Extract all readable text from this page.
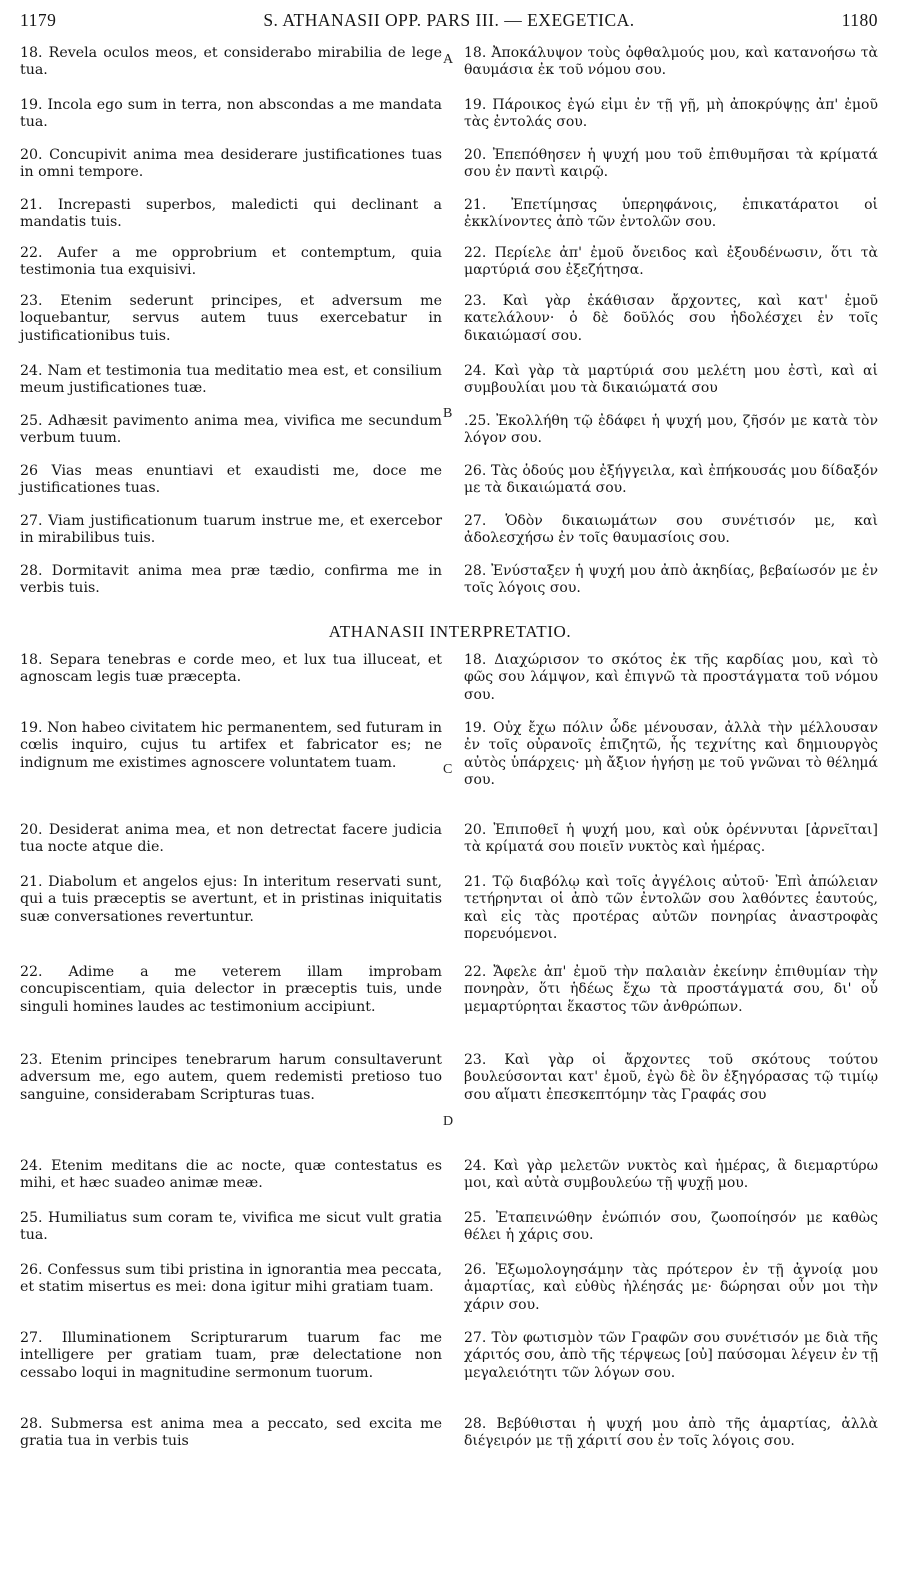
1179	S. ATHANASII OPP. PARS III. — EXEGETICA.	1180

18. Revela oculos meos, et considerabo mirabilia de lege tua.

19. Incola ego sum in terra, non abscondas a me mandata tua.

20. Concupivit anima mea desiderare justificationes tuas in omni tempore.

21. Increpasti superbos, maledicti qui declinant a mandatis tuis.

22. Aufer a me opprobrium et contemptum, quia testimonia tua exquisivi.

23. Etenim sederunt principes, et adversum me loquebantur, servus autem tuus exercebatur in justificationibus tuis.

24. Nam et testimonia tua meditatio mea est, et consilium meum justificationes tuæ.

25. Adhæsit pavimento anima mea, vivifica me secundum verbum tuum.

26 Vias meas enuntiavi et exaudisti me, doce me justificationes tuas.

27. Viam justificationum tuarum instrue me, et exercebor in mirabilibus tuis.

28. Dormitavit anima mea præ tædio, confirma me in verbis tuis.

18. Ἀποκάλυψον τοὺς ὀφθαλμούς μου, καὶ κατανοήσω τὰ θαυμάσια ἐκ τοῦ νόμου σου.

19. Πάροικος ἐγώ εἰμι ἐν τῇ γῇ, μὴ ἀποκρύψῃς ἀπ' ἐμοῦ τὰς ἐντολάς σου.

20. Ἐπεπόθησεν ἡ ψυχή μου τοῦ ἐπιθυμῆσαι τὰ κρίματά σου ἐν παντὶ καιρῷ.

21. Ἐπετίμησας ὑπερηφάνοις, ἐπικατάρατοι οἱ ἐκκλίνοντες ἀπὸ τῶν ἐντολῶν σου.

22. Περίελε ἀπ' ἐμοῦ ὄνειδος καὶ ἐξουδένωσιν, ὅτι τὰ μαρτύριά σου ἐξεζήτησα.

23. Καὶ γὰρ ἐκάθισαν ἄρχοντες, καὶ κατ' ἐμοῦ κατελάλουν· ὁ δὲ δοῦλός σου ἠδολέσχει ἐν τοῖς δικαιώμασί σου.

24. Καὶ γὰρ τὰ μαρτύριά σου μελέτη μου ἐστὶ, καὶ αἱ συμβουλίαι μου τὰ δικαιώματά σου

.25. Ἐκολλήθη τῷ ἐδάφει ἡ ψυχή μου, ζῆσόν με κατὰ τὸν λόγον σου.

26. Τὰς ὁδούς μου ἐξήγγειλα, καὶ ἐπήκουσάς μου δίδαξόν με τὰ δικαιώματά σου.

27. Ὁδὸν δικαιωμάτων σου συνέτισόν με, καὶ ἀδολεσχήσω ἐν τοῖς θαυμασίοις σου.

28. Ἐνύσταξεν ἡ ψυχή μου ἀπὸ ἀκηδίας, βεβαίωσόν με ἐν τοῖς λόγοις σου.

A
B
ATHANASII INTERPRETATIO.

18. Separa tenebras e corde meo, et lux tua illuceat, et agnoscam legis tuæ præcepta.

19. Non habeo civitatem hic permanentem, sed futuram in cœlis inquiro, cujus tu artifex et fabricator es; ne indignum me existimes agnoscere voluntatem tuam.

20. Desiderat anima mea, et non detrectat facere judicia tua nocte atque die.

21. Diabolum et angelos ejus: In interitum reservati sunt, qui a tuis præceptis se avertunt, et in pristinas iniquitatis suæ conversationes revertuntur.

22. Adime a me veterem illam improbam concupiscentiam, quia delector in præceptis tuis, unde singuli homines laudes ac testimonium accipiunt.

23. Etenim principes tenebrarum harum consultaverunt adversum me, ego autem, quem redemisti pretioso tuo sanguine, considerabam Scripturas tuas.

24. Etenim meditans die ac nocte, quæ contestatus es mihi, et hæc suadeo animæ meæ.

25. Humiliatus sum coram te, vivifica me sicut vult gratia tua.

26. Confessus sum tibi pristina in ignorantia mea peccata, et statim misertus es mei: dona igitur mihi gratiam tuam.

27. Illuminationem Scripturarum tuarum fac me intelligere per gratiam tuam, præ delectatione non cessabo loqui in magnitudine sermonum tuorum.

28. Submersa est anima mea a peccato, sed excita me gratia tua in verbis tuis

18. Διαχώρισον το σκότος ἐκ τῆς καρδίας μου, καὶ τὸ φῶς σου λάμψον, καὶ ἐπιγνῶ τὰ προστάγματα τοῦ νόμου σου.

19. Οὐχ ἔχω πόλιν ὧδε μένουσαν, ἀλλὰ τὴν μέλλουσαν ἐν τοῖς οὐρανοῖς ἐπιζητῶ, ἧς τεχνίτης καὶ δημιουργὸς αὐτὸς ὑπάρχεις· μὴ ἄξιον ἡγήσῃ με τοῦ γνῶναι τὸ θέλημά σου.

20. Ἐπιποθεῖ ἡ ψυχή μου, καὶ οὐκ ὀρέννυται [ἀρνεῖται] τὰ κρίματά σου ποιεῖν νυκτὸς καὶ ἡμέρας.

21. Τῷ διαβόλῳ καὶ τοῖς ἀγγέλοις αὐτοῦ· Ἐπὶ ἀπώλειαν τετήρηνται οἱ ἀπὸ τῶν ἐντολῶν σου λαθόντες ἑαυτούς, καὶ εἰς τὰς προτέρας αὐτῶν πονηρίας ἀναστροφὰς πορευόμενοι.

22. Ἄφελε ἀπ' ἐμοῦ τὴν παλαιὰν ἐκείνην ἐπιθυμίαν τὴν πονηρὰν, ὅτι ἡδέως ἔχω τὰ προστάγματά σου, δι' οὗ μεμαρτύρηται ἕκαστος τῶν ἀνθρώπων.

23. Καὶ γὰρ οἱ ἄρχοντες τοῦ σκότους τούτου βουλεύσονται κατ' ἐμοῦ, ἐγὼ δὲ ὃν ἐξηγόρασας τῷ τιμίῳ σου αἵματι ἐπεσκεπτόμην τὰς Γραφάς σου

24. Καὶ γὰρ μελετῶν νυκτὸς καὶ ἡμέρας, ἃ διεμαρτύρω μοι, καὶ αὐτὰ συμβουλεύω τῇ ψυχῇ μου.

25. Ἐταπεινώθην ἐνώπιόν σου, ζωοποίησόν με καθὼς θέλει ἡ χάρις σου.

26. Ἐξωμολογησάμην τὰς πρότερον ἐν τῇ ἀγνοίᾳ μου ἁμαρτίας, καὶ εὐθὺς ἠλέησάς με· δώρησαι οὖν μοι τὴν χάριν σου.

27. Τὸν φωτισμὸν τῶν Γραφῶν σου συνέτισόν με διὰ τῆς χάριτός σου, ἀπὸ τῆς τέρψεως [οὐ] παύσομαι λέγειν ἐν τῇ μεγαλειότητι τῶν λόγων σου.

28. Βεβύθισται ἡ ψυχή μου ἀπὸ τῆς ἁμαρτίας, ἀλλὰ διέγειρόν με τῇ χάριτί σου ἐν τοῖς λόγοις σου.

C
D
